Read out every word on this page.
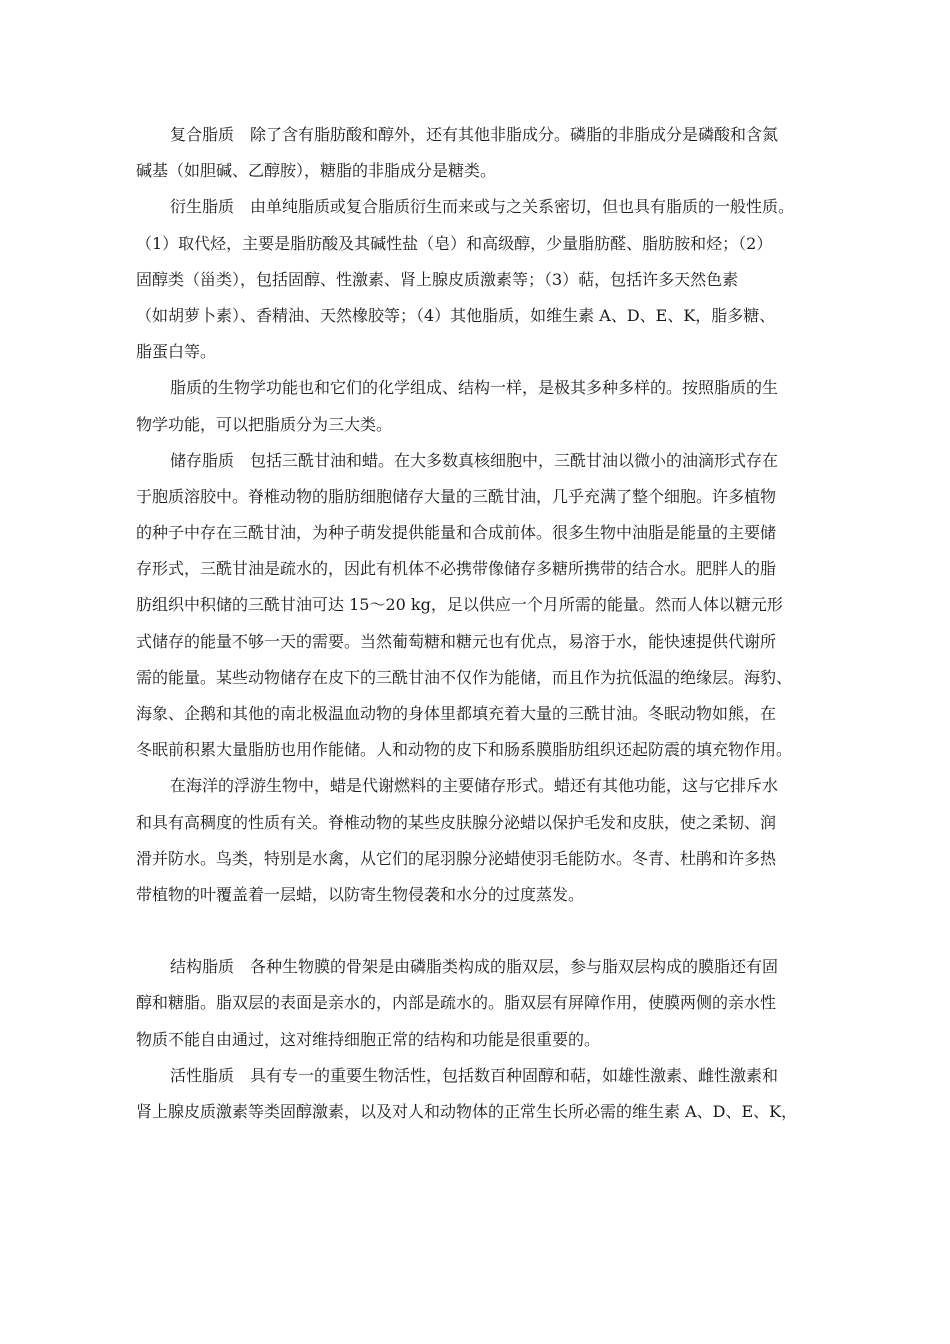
复合脂质　除了含有脂肪酸和醇外，还有其他非脂成分。磷脂的非脂成分是磷酸和含氮
碱基（如胆碱、乙醇胺），糖脂的非脂成分是糖类。
衍生脂质　由单纯脂质或复合脂质衍生而来或与之关系密切，但也具有脂质的一般性质。
（1）取代烃，主要是脂肪酸及其碱性盐（皂）和高级醇，少量脂肪醛、脂肪胺和烃；（2）
固醇类（甾类），包括固醇、性激素、肾上腺皮质激素等；（3）萜，包括许多天然色素
（如胡萝卜素）、香精油、天然橡胶等；（4）其他脂质，如维生素 A、D、E、K，脂多糖、
脂蛋白等。
脂质的生物学功能也和它们的化学组成、结构一样，是极其多种多样的。按照脂质的生
物学功能，可以把脂质分为三大类。
储存脂质　包括三酰甘油和蜡。在大多数真核细胞中，三酰甘油以微小的油滴形式存在
于胞质溶胶中。脊椎动物的脂肪细胞储存大量的三酰甘油，几乎充满了整个细胞。许多植物
的种子中存在三酰甘油，为种子萌发提供能量和合成前体。很多生物中油脂是能量的主要储
存形式，三酰甘油是疏水的，因此有机体不必携带像储存多糖所携带的结合水。肥胖人的脂
肪组织中积储的三酰甘油可达 15～20 kg，足以供应一个月所需的能量。然而人体以糖元形
式储存的能量不够一天的需要。当然葡萄糖和糖元也有优点，易溶于水，能快速提供代谢所
需的能量。某些动物储存在皮下的三酰甘油不仅作为能储，而且作为抗低温的绝缘层。海豹、
海象、企鹅和其他的南北极温血动物的身体里都填充着大量的三酰甘油。冬眠动物如熊，在
冬眠前积累大量脂肪也用作能储。人和动物的皮下和肠系膜脂肪组织还起防震的填充物作用。
在海洋的浮游生物中，蜡是代谢燃料的主要储存形式。蜡还有其他功能，这与它排斥水
和具有高稠度的性质有关。脊椎动物的某些皮肤腺分泌蜡以保护毛发和皮肤，使之柔韧、润
滑并防水。鸟类，特别是水禽，从它们的尾羽腺分泌蜡使羽毛能防水。冬青、杜鹃和许多热
带植物的叶覆盖着一层蜡，以防寄生物侵袭和水分的过度蒸发。
结构脂质　各种生物膜的骨架是由磷脂类构成的脂双层，参与脂双层构成的膜脂还有固
醇和糖脂。脂双层的表面是亲水的，内部是疏水的。脂双层有屏障作用，使膜两侧的亲水性
物质不能自由通过，这对维持细胞正常的结构和功能是很重要的。
活性脂质　具有专一的重要生物活性，包括数百种固醇和萜，如雄性激素、雌性激素和
肾上腺皮质激素等类固醇激素，以及对人和动物体的正常生长所必需的维生素 A、D、E、K，
